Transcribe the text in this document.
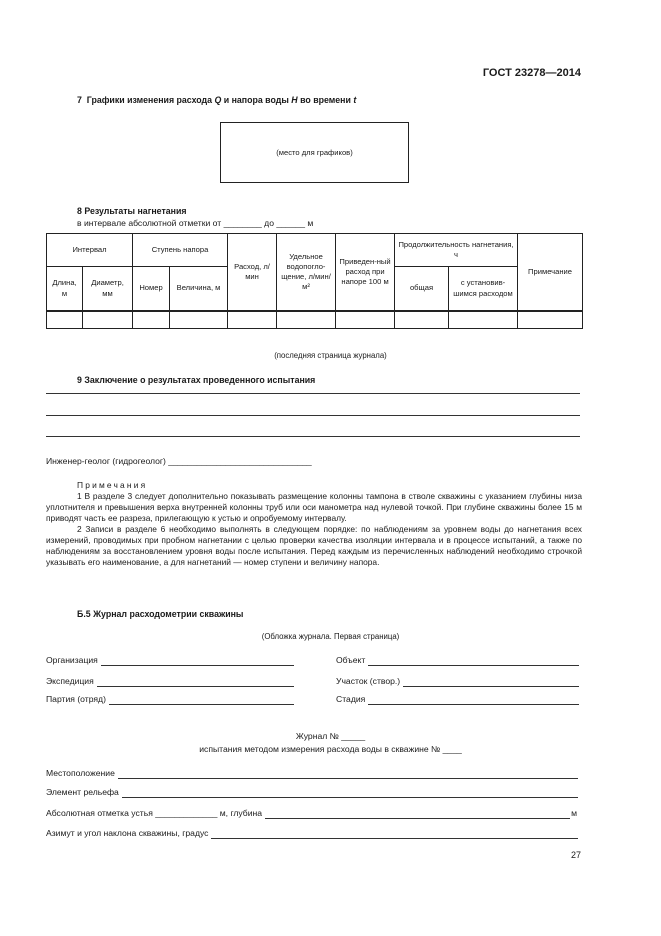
ГОСТ 23278—2014
7 Графики изменения расхода Q и напора воды H во времени t
(место для графиков)
8 Результаты нагнетания
в интервале абсолютной отметки от ________ до ______ м
Интервал		Ступень напора		Расход, л/мин	Удельное водопогло-щение, л/мин/м²	Приведен-ный расход при напоре 100 м	Продолжительность нагнетания, ч		Примечание
Длина, м	Диаметр, мм	Номер	Величина, м				общая	с установив-шимся расходом	

(последняя страница журнала)
9 Заключение о результатах проведенного испытания
Инженер-геолог (гидрогеолог) ______________________________
Примечания

1 В разделе 3 следует дополнительно показывать размещение колонны тампона в стволе скважины с указанием глубины низа уплотнителя и превышения верха внутренней колонны труб или оси манометра над нулевой точкой. При глубине скважины более 15 м приводят часть ее разреза, прилегающую к устью и опробуемому интервалу.

2 Записи в разделе 6 необходимо выполнять в следующем порядке: по наблюдениям за уровнем воды до нагнетания всех измерений, проводимых при пробном нагнетании с целью проверки качества изоляции интервала и в процессе испытаний, а также по наблюдениям за восстановлением уровня воды после испытания. Перед каждым из перечисленных наблюдений необходимо строчкой указывать его наименование, а для нагнетаний — номер ступени и величину напора.

Б.5 Журнал расходометрии скважины
(Обложка журнала. Первая страница)
Организация	Объект
Экспедиция	Участок (створ.)
Партия (отряд)	Стадия
Журнал № _____
испытания методом измерения расхода воды в скважине № ____
Местоположение
Элемент рельефа
Абсолютная отметка устья _____________ м, глубина	м
Азимут и угол наклона скважины, градус
27
